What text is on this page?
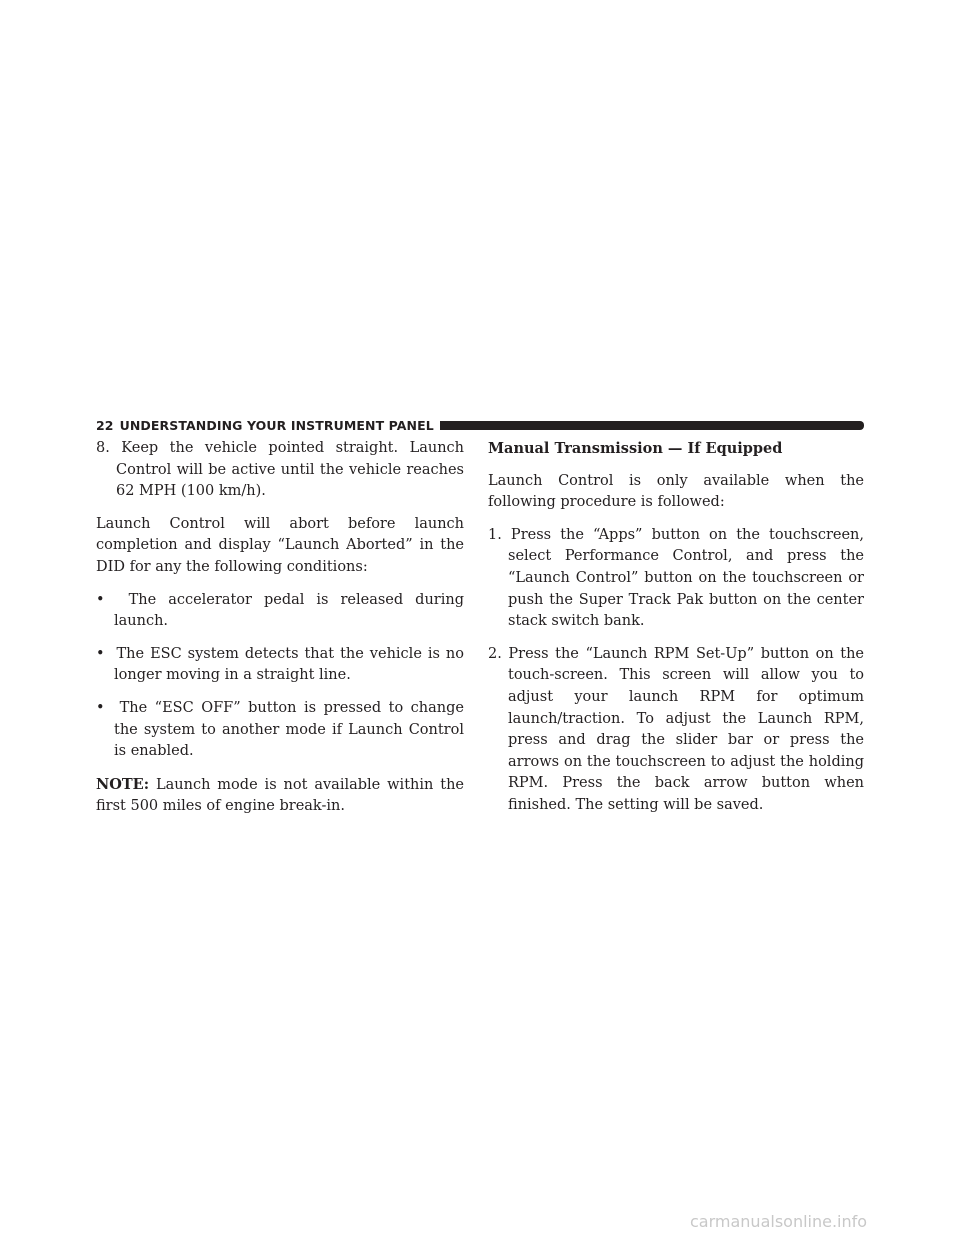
22 UNDERSTANDING YOUR INSTRUMENT PANEL

8. Keep the vehicle pointed straight. Launch Control will be active until the vehicle reaches 62 MPH (100 km/h).

Launch Control will abort before launch completion and display “Launch Aborted” in the DID for any the following conditions:

•  The accelerator pedal is released during launch.

•  The ESC system detects that the vehicle is no longer moving in a straight line.

•  The “ESC OFF” button is pressed to change the system to another mode if Launch Control is enabled.

NOTE: Launch mode is not available within the first 500 miles of engine break-in.

Manual Transmission — If Equipped

Launch Control is only available when the following procedure is followed:

1. Press the “Apps” button on the touchscreen, select Performance Control, and press the “Launch Control” button on the touchscreen or push the Super Track Pak button on the center stack switch bank.

2. Press the “Launch RPM Set-Up” button on the touch-screen. This screen will allow you to adjust your launch RPM for optimum launch/traction. To adjust the Launch RPM, press and drag the slider bar or press the arrows on the touchscreen to adjust the holding RPM. Press the back arrow button when finished. The setting will be saved.

carmanualsonline.info
